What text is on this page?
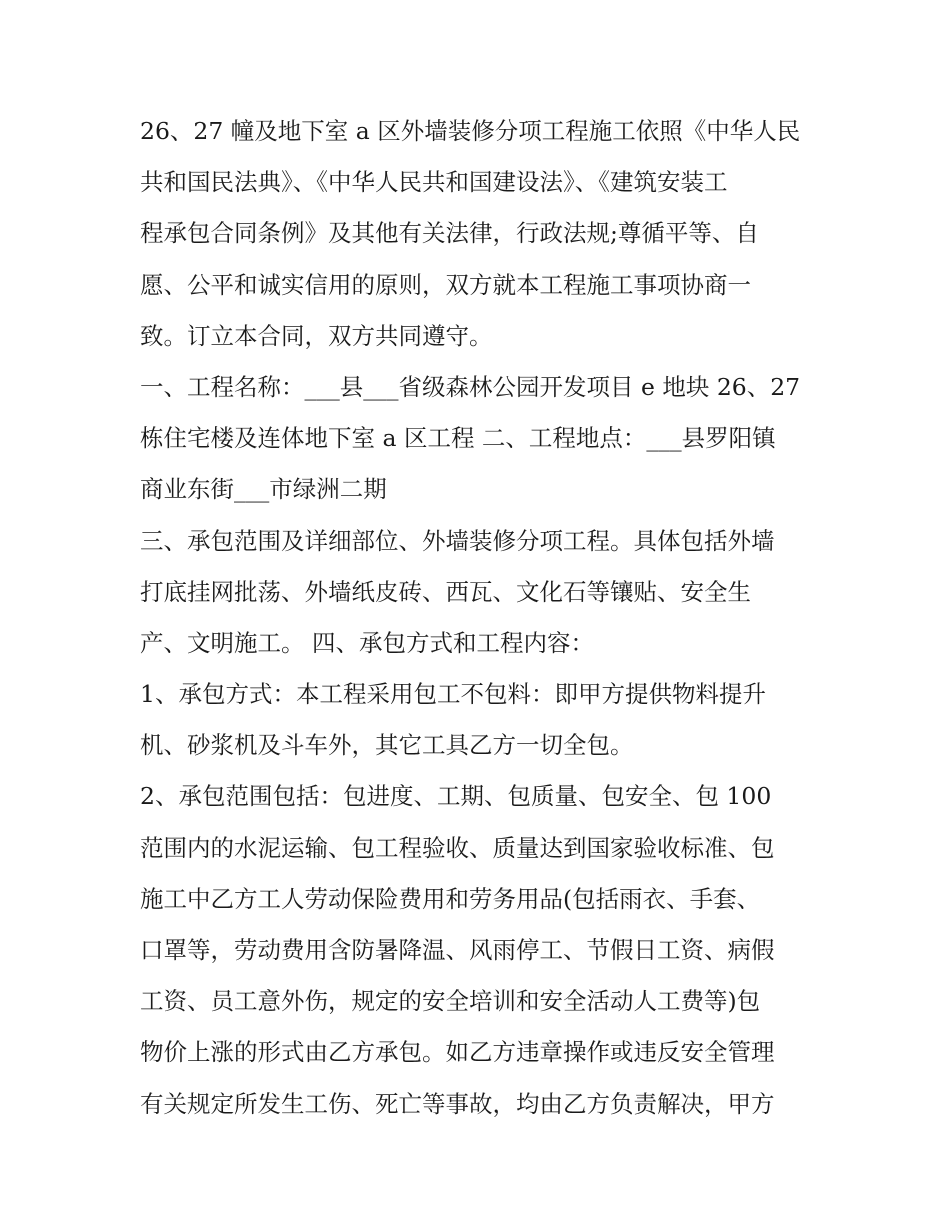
26、27 幢及地下室 a 区外墙装修分项工程施工依照《中华人民
共和国民法典》、《中华人民共和国建设法》、《建筑安装工
程承包合同条例》及其他有关法律，行政法规;尊循平等、自
愿、公平和诚实信用的原则，双方就本工程施工事项协商一
致。订立本合同，双方共同遵守。
一、工程名称：___县___省级森林公园开发项目 e 地块 26、27
栋住宅楼及连体地下室 a 区工程 二、工程地点：___县罗阳镇
商业东街___市绿洲二期
三、承包范围及详细部位、外墙装修分项工程。具体包括外墙
打底挂网批荡、外墙纸皮砖、西瓦、文化石等镶贴、安全生
产、文明施工。 四、承包方式和工程内容：
1、承包方式：本工程采用包工不包料：即甲方提供物料提升
机、砂浆机及斗车外，其它工具乙方一切全包。
2、承包范围包括：包进度、工期、包质量、包安全、包 100
范围内的水泥运输、包工程验收、质量达到国家验收标准、包
施工中乙方工人劳动保险费用和劳务用品(包括雨衣、手套、
口罩等，劳动费用含防暑降温、风雨停工、节假日工资、病假
工资、员工意外伤，规定的安全培训和安全活动人工费等)包
物价上涨的形式由乙方承包。如乙方违章操作或违反安全管理
有关规定所发生工伤、死亡等事故，均由乙方负责解决，甲方
